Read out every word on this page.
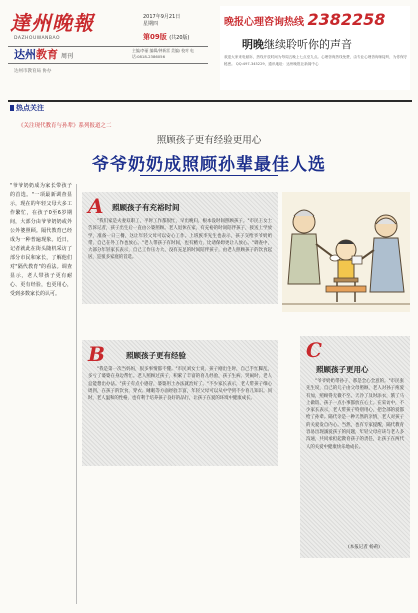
達州晚報
DAZHOUWANBAO
2017年9月21日
星期四
第09版 (共20版)
达州教育 周刊
主编/李丽 编辑/钟新雷 美编/ 校对 电话:0818-2386056
达州市教育局 协办
晚报心理咨询热线 2382258
明晚继续聆听你的声音
欢迎大家来电倾诉，热线开放时间为每周五晚上七点至九点。心理咨询热线免费，由专业心理咨询师接听，为你保守秘密。 QQ:497-345229，通讯地址：达州晚报社新闻中心
热点关注
《关注现代教育与孙辈》系列报道之二
照顾孩子更有经验更用心
爷爷奶奶成照顾孙辈最佳人选
"爷爷奶奶成为家长带孩子的首选。"一项最新调查显示，现在的年轻父母大多工作繁忙，在孩子0至6岁期间，大部分由爷爷奶奶或外公外婆照顾。隔代教育已经成为一种普遍现象。近日，记者就此在街头随机采访了部分市民和家长，了解他们对"隔代教育"的看法。调查显示，老人带孩子更有耐心、更有经验，也更用心，受到多数家长的认可。
A 照顾孩子有充裕时间
"我们家是夫妻双职工，平时工作都很忙，早出晚归，根本没时间照顾孩子。"市民王女士告诉记者，孩子出生后一直由公婆照顾。老人退休在家，有充裕的时间陪伴孩子，接送上学放学，准备一日三餐，这让年轻父母可以安心工作。上班族李先生也表示，孩子交给爷爷奶奶带，自己在外工作也放心。"老人带孩子有时间，也有精力，比请保姆更让人放心。"调查中，大部分年轻家长表示，自己工作压力大，没有充足的时间陪伴孩子，由老人照顾孩子的饮食起居，是很多家庭的首选。
B	照顾孩子更有经验
"我是第一次当妈妈，很多事情都不懂。"市民刘女士说，孩子刚出生时，自己手忙脚乱，多亏了婆婆在身边帮忙。老人照顾过孩子，积累了丰富的育儿经验，孩子生病、哭闹时，老人总能想出办法。"孩子有点小感冒，婆婆用土办法就治好了。"不少家长表示，老人带孩子细心周到，在孩子的饮食、穿衣、睡眠等方面经验丰富，年轻父母可以从中学到不少育儿知识。同时，老人温和的性格，也有利于培养孩子良好的品行，让孩子在爱的环境中健康成长。
C
照顾孩子更用心
"爷爷奶奶带孙子，那是全心全意的。"市民张先生说，自己的儿子由父母照顾，老人对孙子疼爱有加，照顾得无微不至。天冷了及时添衣，饿了马上做饭，孩子一点小事都放在心上。在采访中，不少家长表示，老人带孩子特别用心，把全部的爱都给了孙辈。隔代亲是一种天然的亲情，老人对孩子的关爱发自内心。当然，也有专家提醒，隔代教育容易出现溺爱孩子的问题，年轻父母应该与老人多沟通，共同承担起教育孩子的责任，让孩子在两代人的关爱中健康快乐地成长。
(本报记者 杨莉)
